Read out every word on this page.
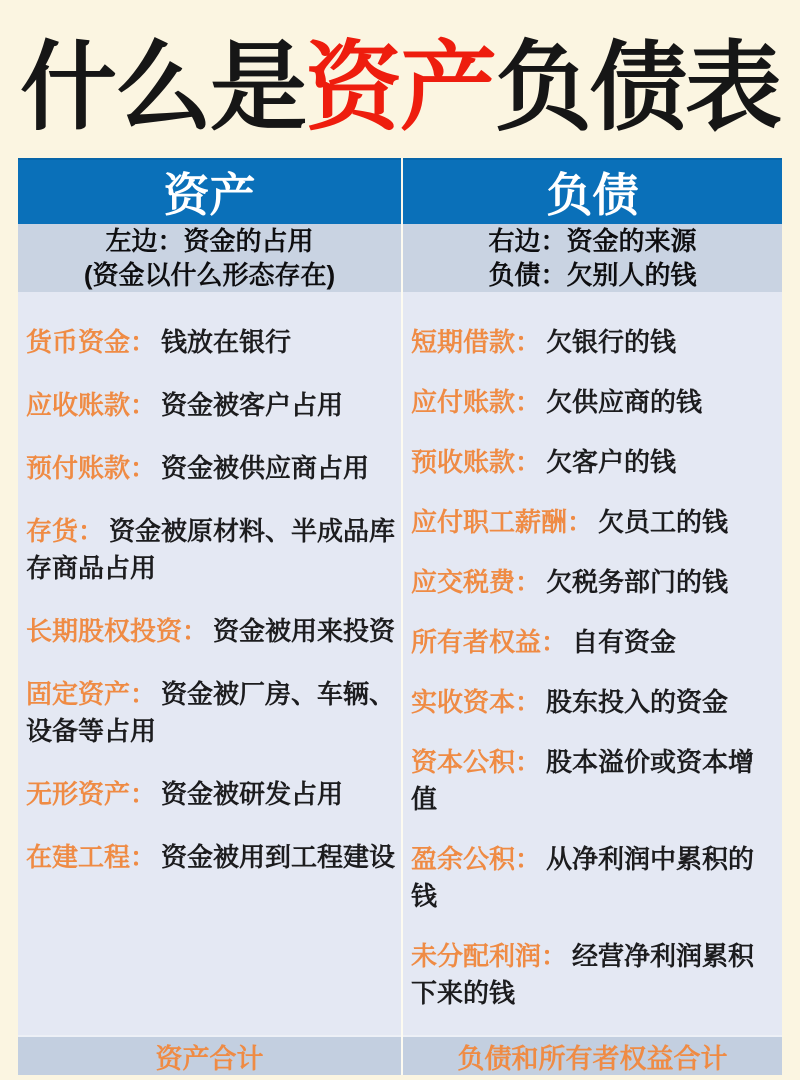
什么是 资产 负债表
资产	负债
左边：资金的占用
(资金以什么形态存在)
右边：资金的来源
负债：欠别人的钱
货币资金： 钱放在银行
应收账款： 资金被客户占用
预付账款： 资金被供应商占用
存货： 资金被原材料、半成品库存商品占用
长期股权投资： 资金被用来投资
固定资产： 资金被厂房、车辆、设备等占用
无形资产： 资金被研发占用
在建工程： 资金被用到工程建设
短期借款： 欠银行的钱
应付账款： 欠供应商的钱
预收账款： 欠客户的钱
应付职工薪酬： 欠员工的钱
应交税费： 欠税务部门的钱
所有者权益： 自有资金
实收资本： 股东投入的资金
资本公积： 股本溢价或资本增值
盈余公积： 从净利润中累积的钱
未分配利润： 经营净利润累积下来的钱
资产合计	负债和所有者权益合计
